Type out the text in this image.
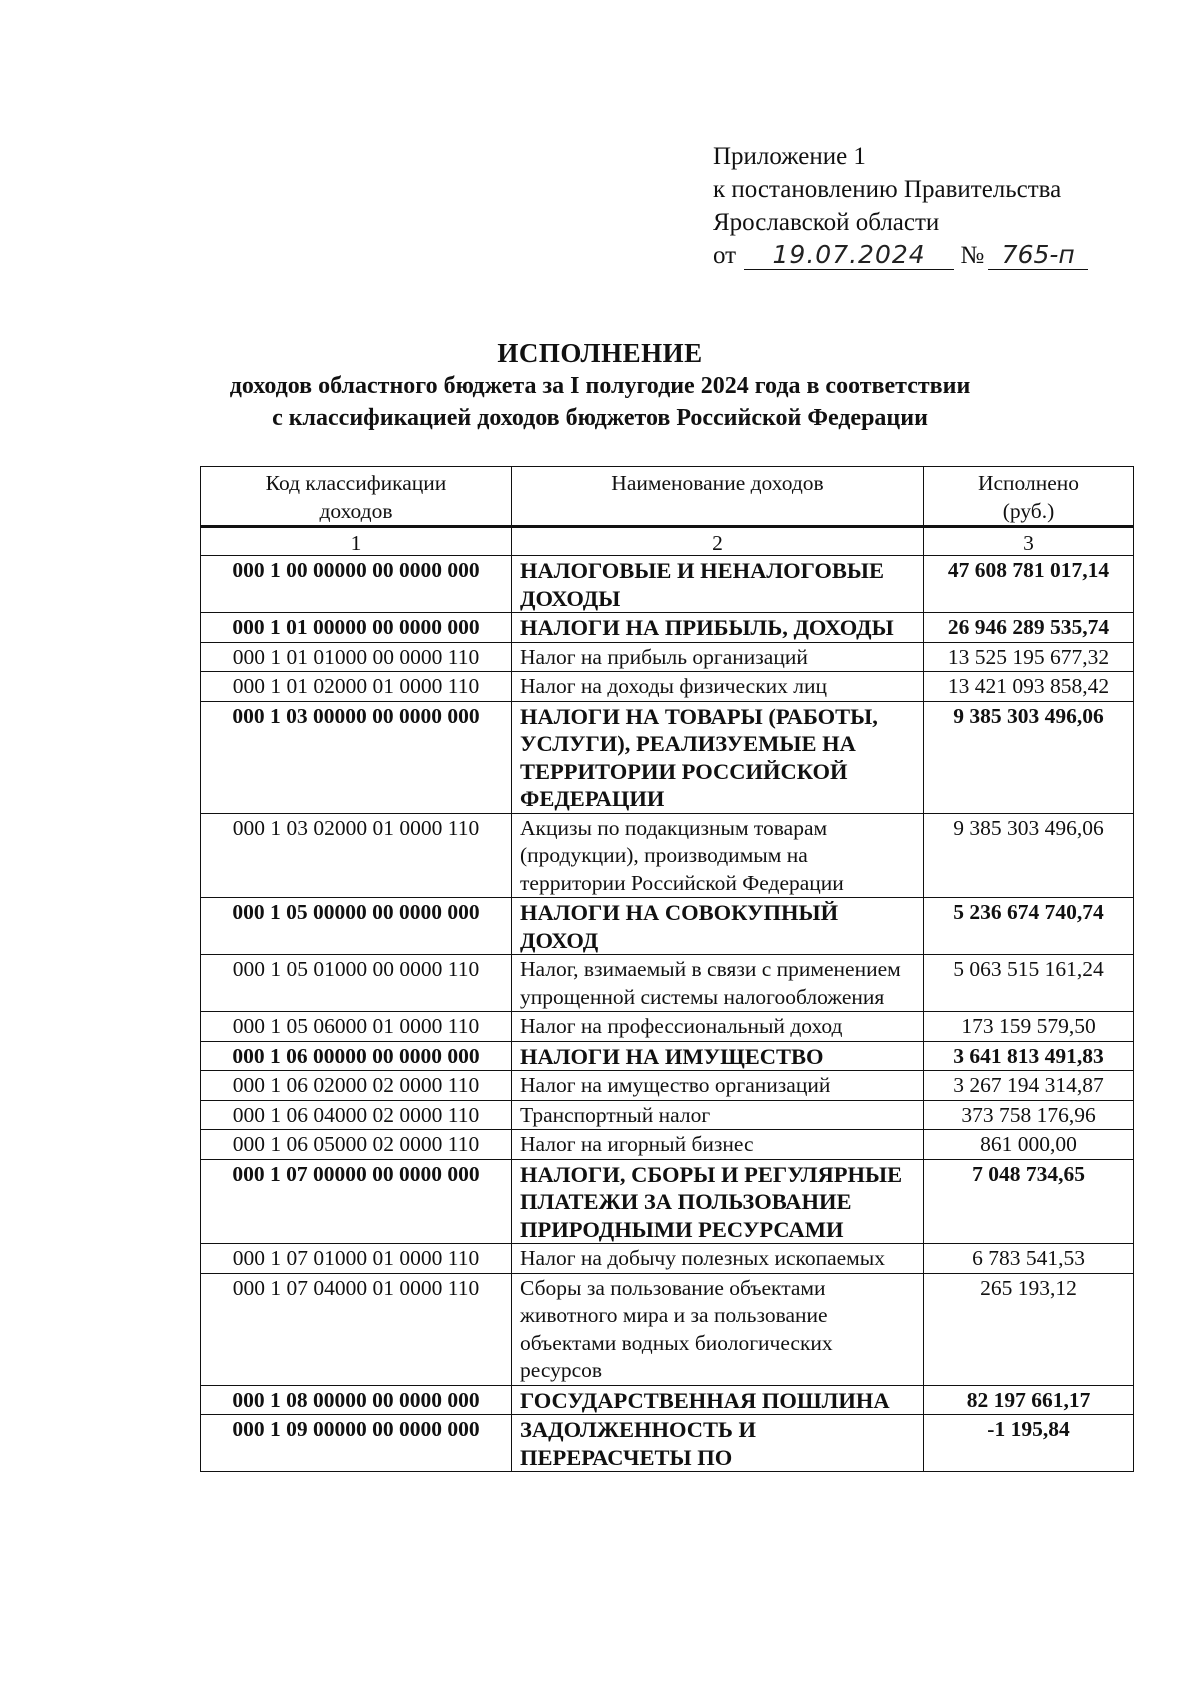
Приложение 1
к постановлению Правительства
Ярославской области
от 19.07.2024 № 765-п
ИСПОЛНЕНИЕ
доходов областного бюджета за I полугодие 2024 года в соответствии
с классификацией доходов бюджетов Российской Федерации
Код классификации доходов	Наименование доходов	Исполнено (руб.)
1	2	3
000 1 00 00000 00 0000 000	НАЛОГОВЫЕ И НЕНАЛОГОВЫЕ ДОХОДЫ	47 608 781 017,14
000 1 01 00000 00 0000 000	НАЛОГИ НА ПРИБЫЛЬ, ДОХОДЫ	26 946 289 535,74
000 1 01 01000 00 0000 110	Налог на прибыль организаций	13 525 195 677,32
000 1 01 02000 01 0000 110	Налог на доходы физических лиц	13 421 093 858,42
000 1 03 00000 00 0000 000	НАЛОГИ НА ТОВАРЫ (РАБОТЫ, УСЛУГИ), РЕАЛИЗУЕМЫЕ НА ТЕРРИТОРИИ РОССИЙСКОЙ ФЕДЕРАЦИИ	9 385 303 496,06
000 1 03 02000 01 0000 110	Акцизы по подакцизным товарам (продукции), производимым на территории Российской Федерации	9 385 303 496,06
000 1 05 00000 00 0000 000	НАЛОГИ НА СОВОКУПНЫЙ ДОХОД	5 236 674 740,74
000 1 05 01000 00 0000 110	Налог, взимаемый в связи с применением упрощенной системы налогообложения	5 063 515 161,24
000 1 05 06000 01 0000 110	Налог на профессиональный доход	173 159 579,50
000 1 06 00000 00 0000 000	НАЛОГИ НА ИМУЩЕСТВО	3 641 813 491,83
000 1 06 02000 02 0000 110	Налог на имущество организаций	3 267 194 314,87
000 1 06 04000 02 0000 110	Транспортный налог	373 758 176,96
000 1 06 05000 02 0000 110	Налог на игорный бизнес	861 000,00
000 1 07 00000 00 0000 000	НАЛОГИ, СБОРЫ И РЕГУЛЯРНЫЕ ПЛАТЕЖИ ЗА ПОЛЬЗОВАНИЕ ПРИРОДНЫМИ РЕСУРСАМИ	7 048 734,65
000 1 07 01000 01 0000 110	Налог на добычу полезных ископаемых	6 783 541,53
000 1 07 04000 01 0000 110	Сборы за пользование объектами животного мира и за пользование объектами водных биологических ресурсов	265 193,12
000 1 08 00000 00 0000 000	ГОСУДАРСТВЕННАЯ ПОШЛИНА	82 197 661,17
000 1 09 00000 00 0000 000	ЗАДОЛЖЕННОСТЬ И ПЕРЕРАСЧЕТЫ ПО	-1 195,84
